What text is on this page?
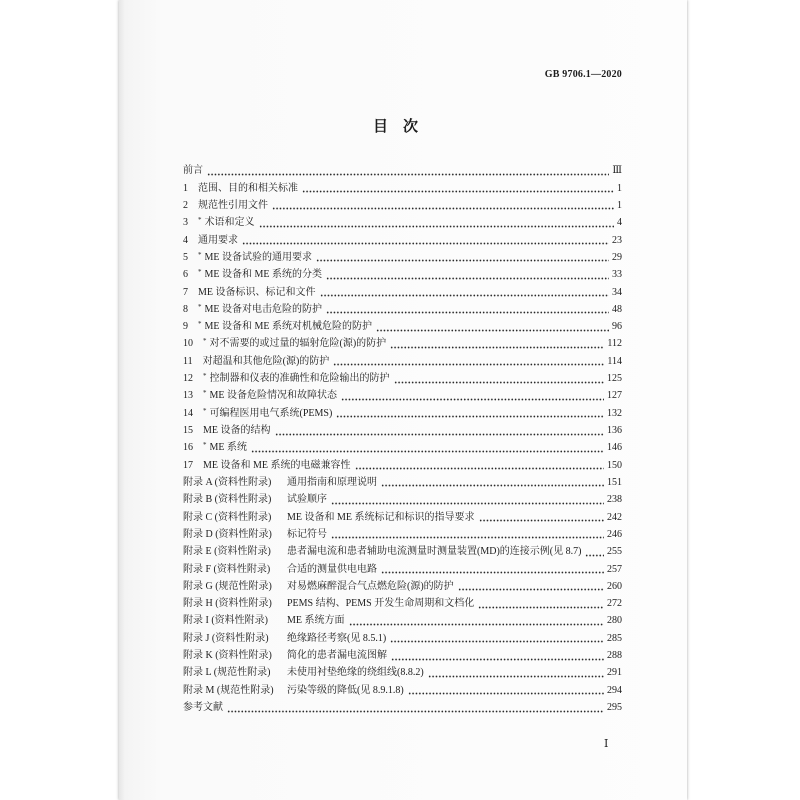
GB 9706.1—2020
目　次
前言	Ⅲ
1 范围、目的和相关标准	1
2 规范性引用文件	1
3 * 术语和定义	4
4 通用要求	23
5 * ME 设备试验的通用要求	29
6 * ME 设备和 ME 系统的分类	33
7 ME 设备标识、标记和文件	34
8 * ME 设备对电击危险的防护	48
9 * ME 设备和 ME 系统对机械危险的防护	96
10 * 对不需要的或过量的辐射危险(源)的防护	112
11 对超温和其他危险(源)的防护	114
12 * 控制器和仪表的准确性和危险输出的防护	125
13 * ME 设备危险情况和故障状态	127
14 * 可编程医用电气系统(PEMS)	132
15 ME 设备的结构	136
16 * ME 系统	146
17 ME 设备和 ME 系统的电磁兼容性	150
附录 A (资料性附录)	通用指南和原理说明	151
附录 B (资料性附录)	试验顺序	238
附录 C (资料性附录)	ME 设备和 ME 系统标记和标识的指导要求	242
附录 D (资料性附录)	标记符号	246
附录 E (资料性附录)	患者漏电流和患者辅助电流测量时测量装置(MD)的连接示例(见 8.7)	255
附录 F (资料性附录)	合适的测量供电电路	257
附录 G (规范性附录)	对易燃麻醉混合气点燃危险(源)的防护	260
附录 H (资料性附录)	PEMS 结构、PEMS 开发生命周期和文档化	272
附录 I (资料性附录)	ME 系统方面	280
附录 J (资料性附录)	绝缘路径考察(见 8.5.1)	285
附录 K (资料性附录)	简化的患者漏电流图解	288
附录 L (规范性附录)	未使用衬垫绝缘的绕组线(8.8.2)	291
附录 M (规范性附录)	污染等级的降低(见 8.9.1.8)	294
参考文献	295
Ⅰ
